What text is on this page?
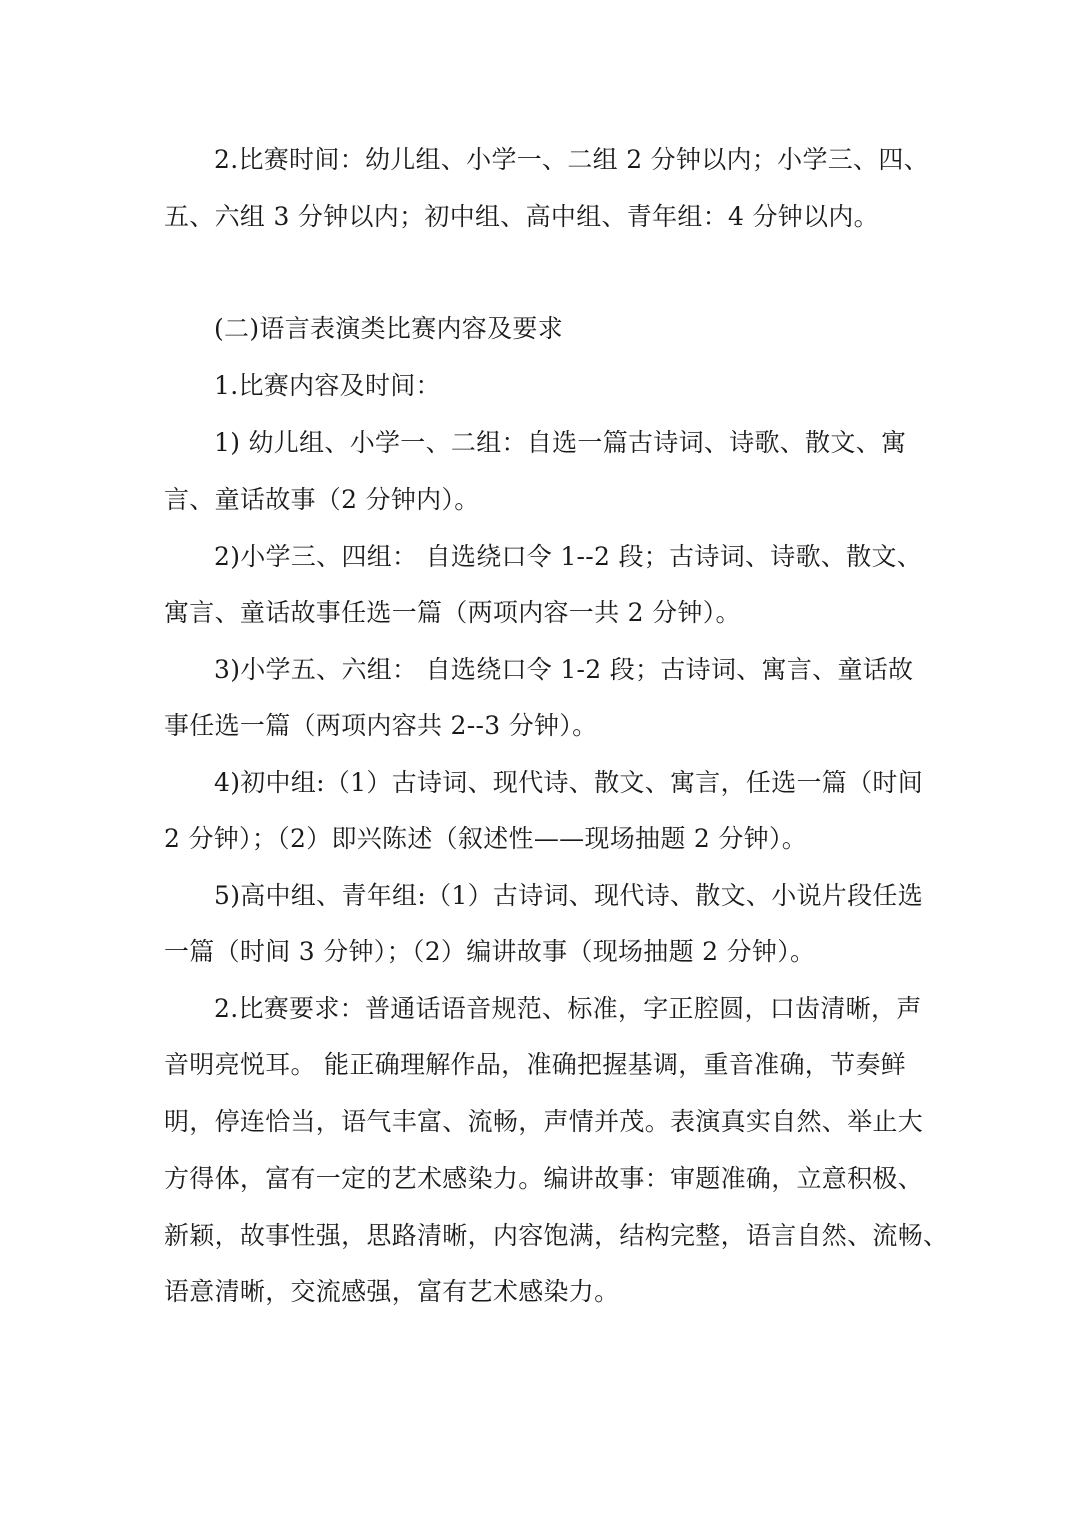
2.比赛时间：幼儿组、小学一、二组 2 分钟以内；小学三、四、
五、六组 3 分钟以内；初中组、高中组、青年组：4 分钟以内。
(二)语言表演类比赛内容及要求
1.比赛内容及时间：
1) 幼儿组、小学一、二组：自选一篇古诗词、诗歌、散文、寓
言、童话故事（2 分钟内）。
2)小学三、四组： 自选绕口令 1--2 段；古诗词、诗歌、散文、
寓言、童话故事任选一篇（两项内容一共 2 分钟）。
3)小学五、六组： 自选绕口令 1-2 段；古诗词、寓言、童话故
事任选一篇（两项内容共 2--3 分钟）。
4)初中组:（1）古诗词、现代诗、散文、寓言，任选一篇（时间
2 分钟）；（2）即兴陈述（叙述性——现场抽题 2 分钟）。
5)高中组、青年组:（1）古诗词、现代诗、散文、小说片段任选
一篇（时间 3 分钟）；（2）编讲故事（现场抽题 2 分钟）。
2.比赛要求：普通话语音规范、标准，字正腔圆，口齿清晰，声
音明亮悦耳。 能正确理解作品，准确把握基调，重音准确，节奏鲜
明，停连恰当，语气丰富、流畅，声情并茂。表演真实自然、举止大
方得体，富有一定的艺术感染力。编讲故事：审题准确，立意积极、
新颖，故事性强，思路清晰，内容饱满，结构完整，语言自然、流畅、
语意清晰，交流感强，富有艺术感染力。
